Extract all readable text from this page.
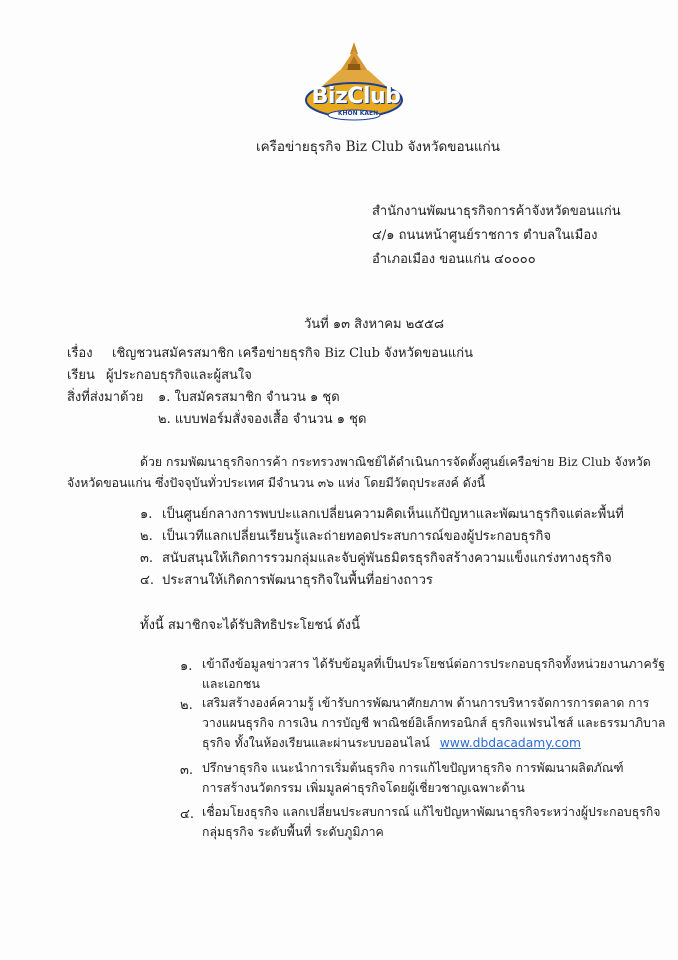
BizClub
KHON KAEN
เครือข่ายธุรกิจ Biz Club จังหวัดขอนแก่น
สำนักงานพัฒนาธุรกิจการค้าจังหวัดขอนแก่น
๔/๑ ถนนหน้าศูนย์ราชการ ตำบลในเมือง
อำเภอเมือง ขอนแก่น ๔๐๐๐๐
วันที่ ๑๓ สิงหาคม ๒๕๕๘
เรื่อง เชิญชวนสมัครสมาชิก เครือข่ายธุรกิจ Biz Club จังหวัดขอนแก่น
เรียน ผู้ประกอบธุรกิจและผู้สนใจ
สิ่งที่ส่งมาด้วย ๑. ใบสมัครสมาชิก จำนวน ๑ ชุด
๒. แบบฟอร์มสั่งจองเสื้อ จำนวน ๑ ชุด
ด้วย กรมพัฒนาธุรกิจการค้า กระทรวงพาณิชย์ได้ดำเนินการจัดตั้งศูนย์เครือข่าย Biz Club จังหวัด
จังหวัดขอนแก่น ซึ่งปัจจุบันทั่วประเทศ มีจำนวน ๓๖ แห่ง โดยมีวัตถุประสงค์ ดังนี้
๑. เป็นศูนย์กลางการพบปะแลกเปลี่ยนความคิดเห็นแก้ปัญหาและพัฒนาธุรกิจแต่ละพื้นที่
๒. เป็นเวทีแลกเปลี่ยนเรียนรู้และถ่ายทอดประสบการณ์ของผู้ประกอบธุรกิจ
๓. สนับสนุนให้เกิดการรวมกลุ่มและจับคู่พันธมิตรธุรกิจสร้างความแข็งแกร่งทางธุรกิจ
๔. ประสานให้เกิดการพัฒนาธุรกิจในพื้นที่อย่างถาวร
ทั้งนี้ สมาชิกจะได้รับสิทธิประโยชน์ ดังนี้
๑. เข้าถึงข้อมูลข่าวสาร ได้รับข้อมูลที่เป็นประโยชน์ต่อการประกอบธุรกิจทั้งหน่วยงานภาครัฐ
และเอกชน
๒. เสริมสร้างองค์ความรู้ เข้ารับการพัฒนาศักยภาพ ด้านการบริหารจัดการการตลาด การ
วางแผนธุรกิจ การเงิน การบัญชี พาณิชย์อิเล็กทรอนิกส์ ธุรกิจแฟรนไชส์ และธรรมาภิบาล
ธุรกิจ ทั้งในห้องเรียนและผ่านระบบออนไลน์ www.dbdacadamy.com
๓. ปรึกษาธุรกิจ แนะนำการเริ่มต้นธุรกิจ การแก้ไขปัญหาธุรกิจ การพัฒนาผลิตภัณฑ์
การสร้างนวัตกรรม เพิ่มมูลค่าธุรกิจโดยผู้เชี่ยวชาญเฉพาะด้าน
๔. เชื่อมโยงธุรกิจ แลกเปลี่ยนประสบการณ์ แก้ไขปัญหาพัฒนาธุรกิจระหว่างผู้ประกอบธุรกิจ
กลุ่มธุรกิจ ระดับพื้นที่ ระดับภูมิภาค
